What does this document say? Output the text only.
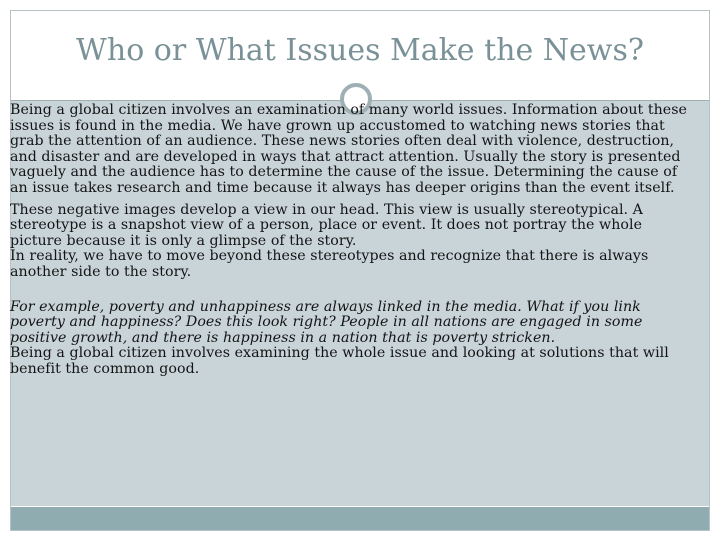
Who or What Issues Make the News?

Being a global citizen involves an examination of many world issues. Information about these issues is found in the media. We have grown up accustomed to watching news stories that grab the attention of an audience. These news stories often deal with violence, destruction, and disaster and are developed in ways that attract attention. Usually the story is presented vaguely and the audience has to determine the cause of the issue. Determining the cause of an issue takes research and time because it always has deeper origins than the event itself.

These negative images develop a view in our head. This view is usually stereotypical. A stereotype is a snapshot view of a person, place or event. It does not portray the whole picture because it is only a glimpse of the story.

In reality, we have to move beyond these stereotypes and recognize that there is always another side to the story.

For example, poverty and unhappiness are always linked in the media. What if you link poverty and happiness? Does this look right? People in all nations are engaged in some positive growth, and there is happiness in a nation that is poverty stricken.

Being a global citizen involves examining the whole issue and looking at solutions that will benefit the common good.
